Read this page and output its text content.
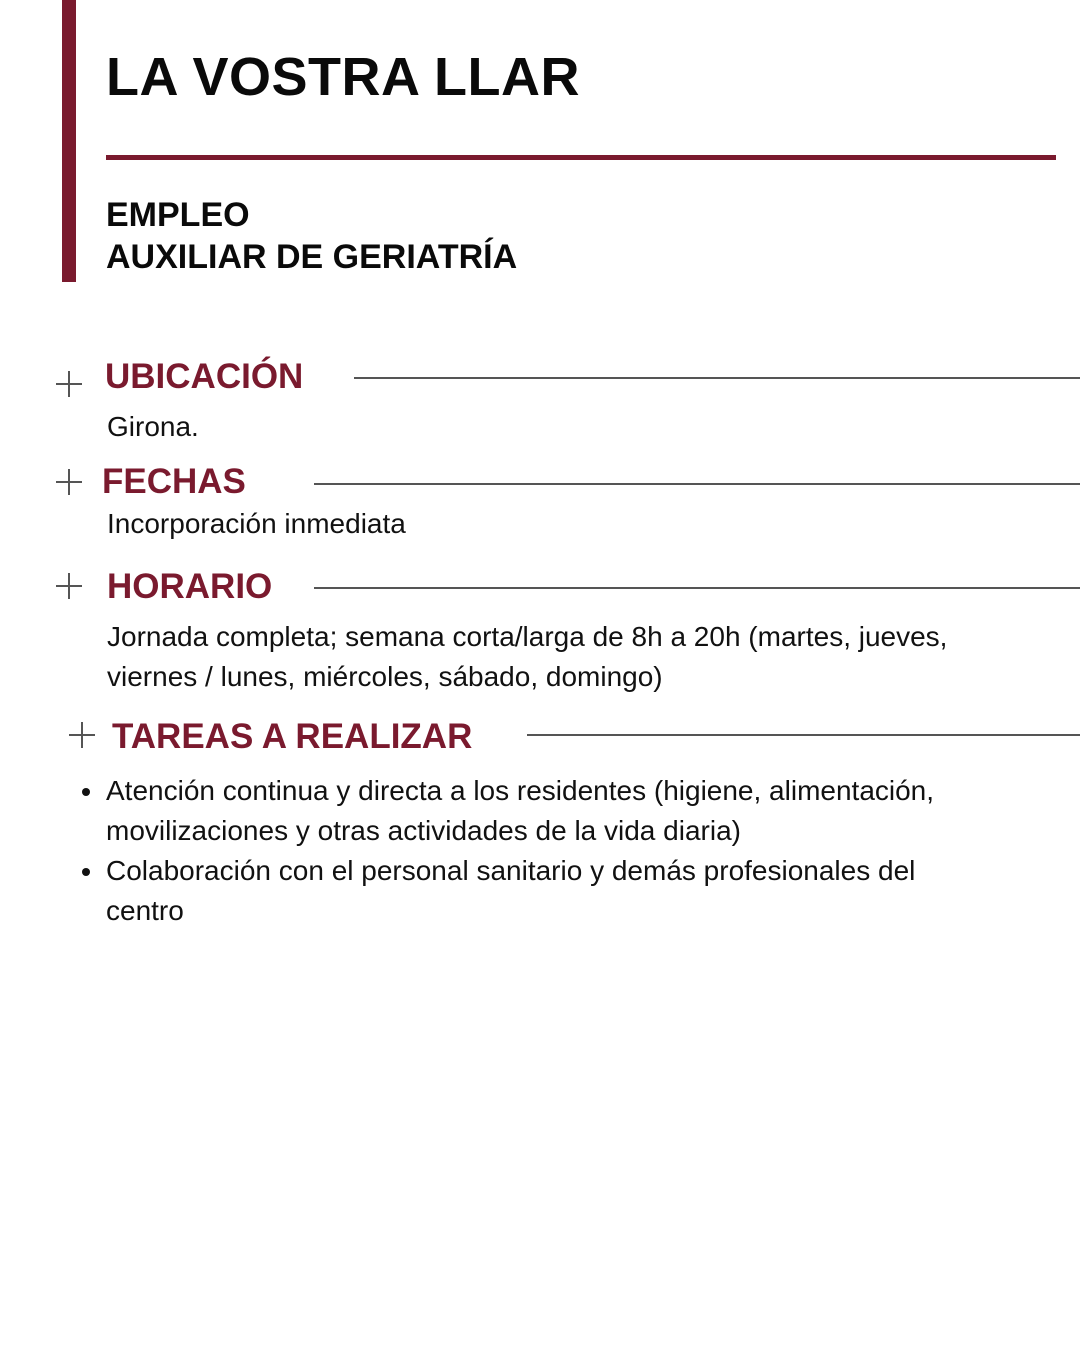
LA VOSTRA LLAR
EMPLEO
AUXILIAR DE GERIATRÍA
UBICACIÓN

Girona.

FECHAS

Incorporación inmediata

HORARIO

Jornada completa; semana corta/larga de 8h a 20h (martes, jueves, viernes / lunes, miércoles, sábado, domingo)

TAREAS A REALIZAR
Atención continua y directa a los residentes (higiene, alimentación, movilizaciones y otras actividades de la vida diaria)
Colaboración con el personal sanitario y demás profesionales del centro
